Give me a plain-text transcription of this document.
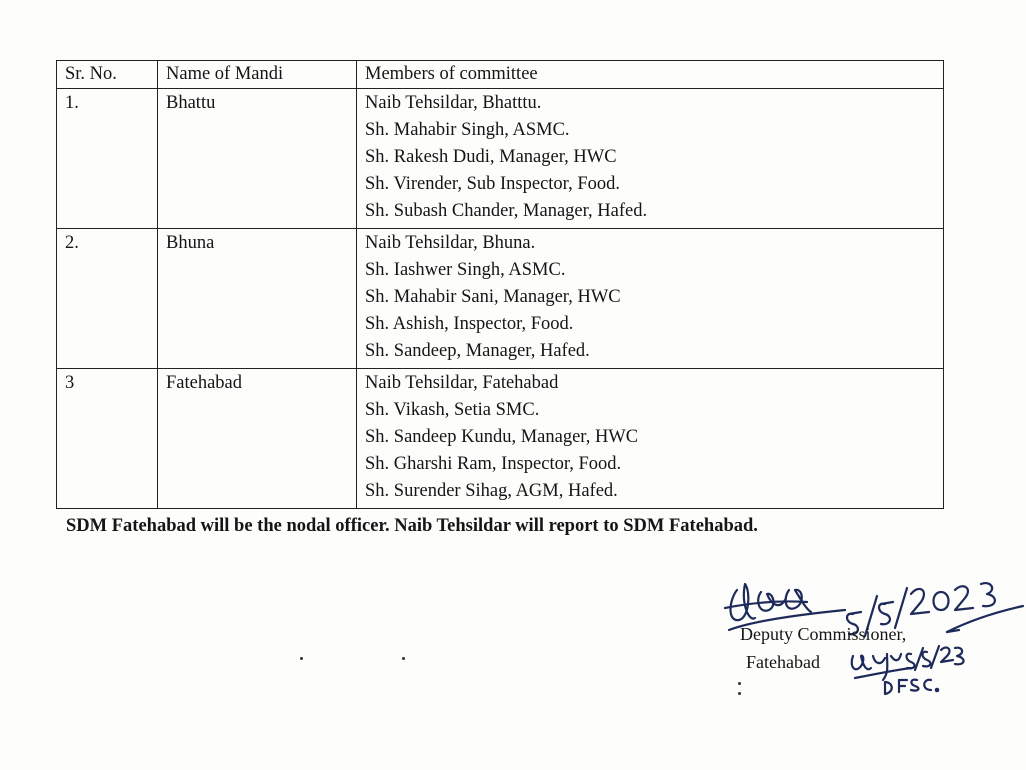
Sr. No.	Name of Mandi	Members of committee
1.	Bhattu	Naib Tehsildar, Bhatttu.
Sh. Mahabir Singh, ASMC.
Sh. Rakesh Dudi, Manager, HWC
Sh. Virender, Sub Inspector, Food.
Sh. Subash Chander, Manager, Hafed.

2.	Bhuna	Naib Tehsildar, Bhuna.
Sh. Iashwer Singh, ASMC.
Sh. Mahabir Sani, Manager, HWC
Sh. Ashish, Inspector, Food.
Sh. Sandeep, Manager, Hafed.

3	Fatehabad	Naib Tehsildar, Fatehabad
Sh. Vikash, Setia SMC.
Sh. Sandeep Kundu, Manager, HWC
Sh. Gharshi Ram, Inspector, Food.
Sh. Surender Sihag, AGM, Hafed.
SDM Fatehabad will be the nodal officer. Naib Tehsildar will report to SDM Fatehabad.
Deputy Commissioner,
Fatehabad
